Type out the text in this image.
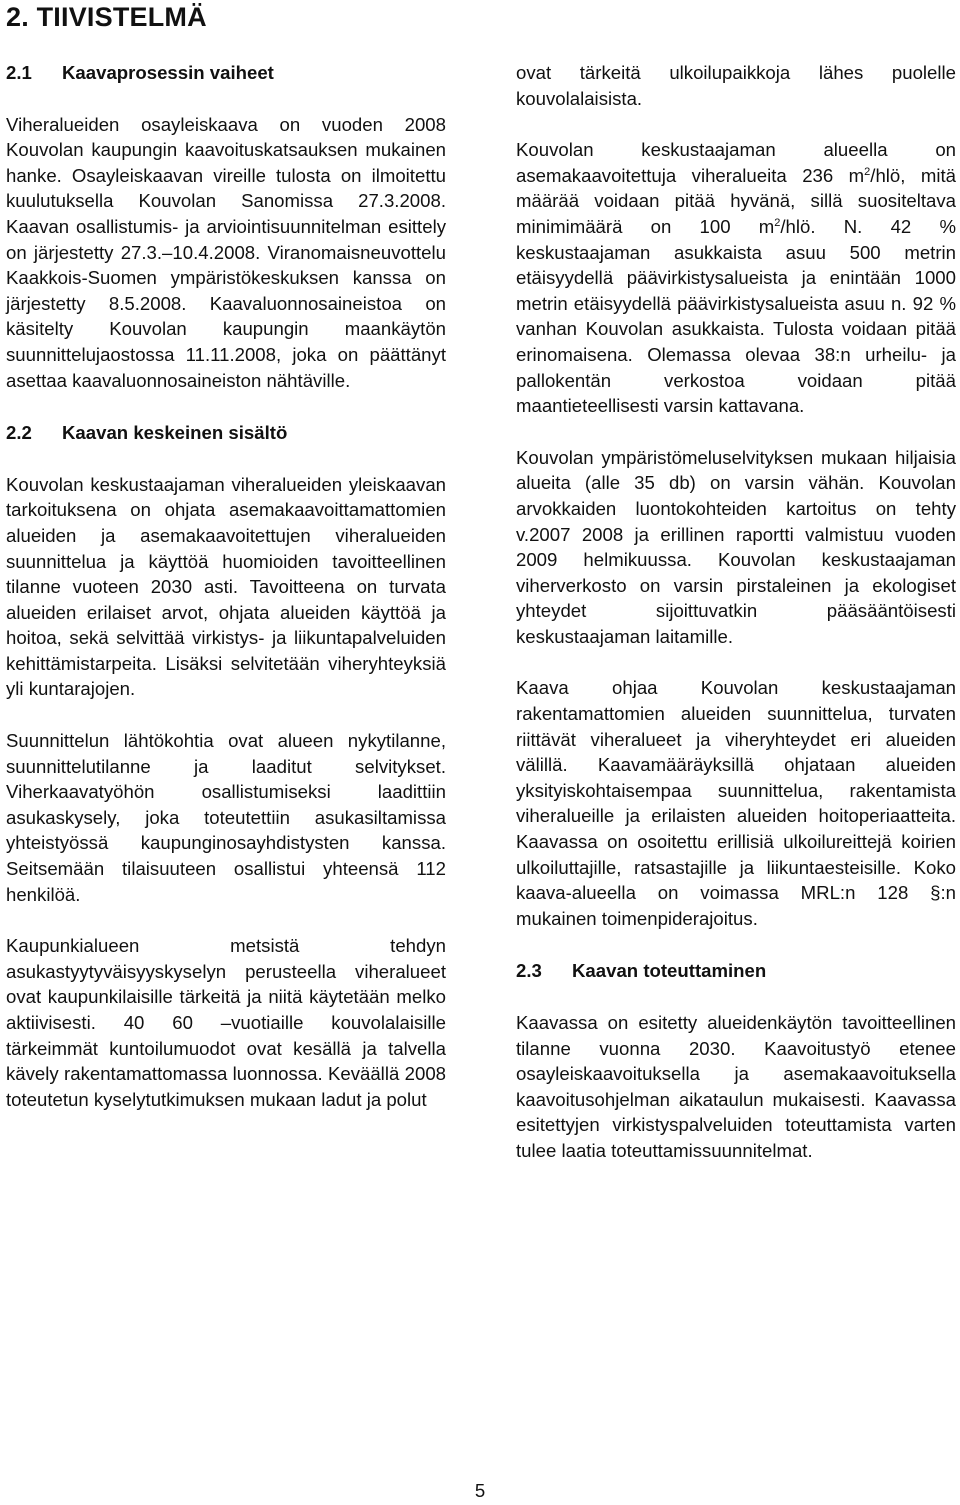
2. TIIVISTELMÄ
2.1 Kaavaprosessin vaiheet

Viheralueiden osayleiskaava on vuoden 2008 Kouvolan kaupungin kaavoituskatsauksen mukainen hanke. Osayleiskaavan vireille tulosta on ilmoitettu kuulutuksella Kouvolan Sanomissa 27.3.2008. Kaavan osallistumis- ja arviointisuunnitelman esittely on järjestetty 27.3.–10.4.2008. Viranomaisneuvottelu Kaakkois-Suomen ympäristökeskuksen kanssa on järjestetty 8.5.2008. Kaavaluonnosaineistoa on käsitelty Kouvolan kaupungin maankäytön suunnittelujaostossa 11.11.2008, joka on päättänyt asettaa kaavaluonnosaineiston nähtäville.

2.2 Kaavan keskeinen sisältö

Kouvolan keskustaajaman viheralueiden yleiskaavan tarkoituksena on ohjata asemakaavoittamattomien alueiden ja asemakaavoitettujen viheralueiden suunnittelua ja käyttöä huomioiden tavoitteellinen tilanne vuoteen 2030 asti. Tavoitteena on turvata alueiden erilaiset arvot, ohjata alueiden käyttöä ja hoitoa, sekä selvittää virkistys- ja liikuntapalveluiden kehittämistarpeita. Lisäksi selvitetään viheryhteyksiä yli kuntarajojen.

Suunnittelun lähtökohtia ovat alueen nykytilanne, suunnittelutilanne ja laaditut selvitykset. Viherkaavatyöhön osallistumiseksi laadittiin asukaskysely, joka toteutettiin asukasiltamissa yhteistyössä kaupunginosayhdistysten kanssa. Seitsemään tilaisuuteen osallistui yhteensä 112 henkilöä.

Kaupunkialueen metsistä tehdyn asukastyytyväisyyskyselyn perusteella viheralueet ovat kaupunkilaisille tärkeitä ja niitä käytetään melko aktiivisesti. 40 60 –vuotiaille kouvolalaisille tärkeimmät kuntoilumuodot ovat kesällä ja talvella kävely rakentamattomassa luonnossa. Keväällä 2008 toteutetun kyselytutkimuksen mukaan ladut ja polut

ovat tärkeitä ulkoilupaikkoja lähes puolelle kouvolalaisista.

Kouvolan keskustaajaman alueella on asemakaavoitettuja viheralueita 236 $m^2$/hlö, mitä määrää voidaan pitää hyvänä, sillä suositeltava minimimäärä on 100 $m^2$/hlö. N. 42 % keskustaajaman asukkaista asuu 500 metrin etäisyydellä päävirkistysalueista ja enintään 1000 metrin etäisyydellä päävirkistysalueista asuu n. 92 % vanhan Kouvolan asukkaista. Tulosta voidaan pitää erinomaisena. Olemassa olevaa 38:n urheilu- ja pallokentän verkostoa voidaan pitää maantieteellisesti varsin kattavana.

Kouvolan ympäristömeluselvityksen mukaan hiljaisia alueita (alle 35 db) on varsin vähän. Kouvolan arvokkaiden luontokohteiden kartoitus on tehty v.2007 2008 ja erillinen raportti valmistuu vuoden 2009 helmikuussa. Kouvolan keskustaajaman viherverkosto on varsin pirstaleinen ja ekologiset yhteydet sijoittuvatkin pääsääntöisesti keskustaajaman laitamille.

Kaava ohjaa Kouvolan keskustaajaman rakentamattomien alueiden suunnittelua, turvaten riittävät viheralueet ja viheryhteydet eri alueiden välillä. Kaavamääräyksillä ohjataan alueiden yksityiskohtaisempaa suunnittelua, rakentamista viheralueille ja erilaisten alueiden hoitoperiaatteita. Kaavassa on osoitettu erillisiä ulkoilureittejä koirien ulkoiluttajille, ratsastajille ja liikuntaesteisille. Koko kaava-alueella on voimassa MRL:n 128 §:n mukainen toimenpiderajoitus.

2.3 Kaavan toteuttaminen

Kaavassa on esitetty alueidenkäytön tavoitteellinen tilanne vuonna 2030. Kaavoitustyö etenee osayleiskaavoituksella ja asemakaavoituksella kaavoitusohjelman aikataulun mukaisesti. Kaavassa esitettyjen virkistyspalveluiden toteuttamista varten tulee laatia toteuttamissuunnitelmat.

5
